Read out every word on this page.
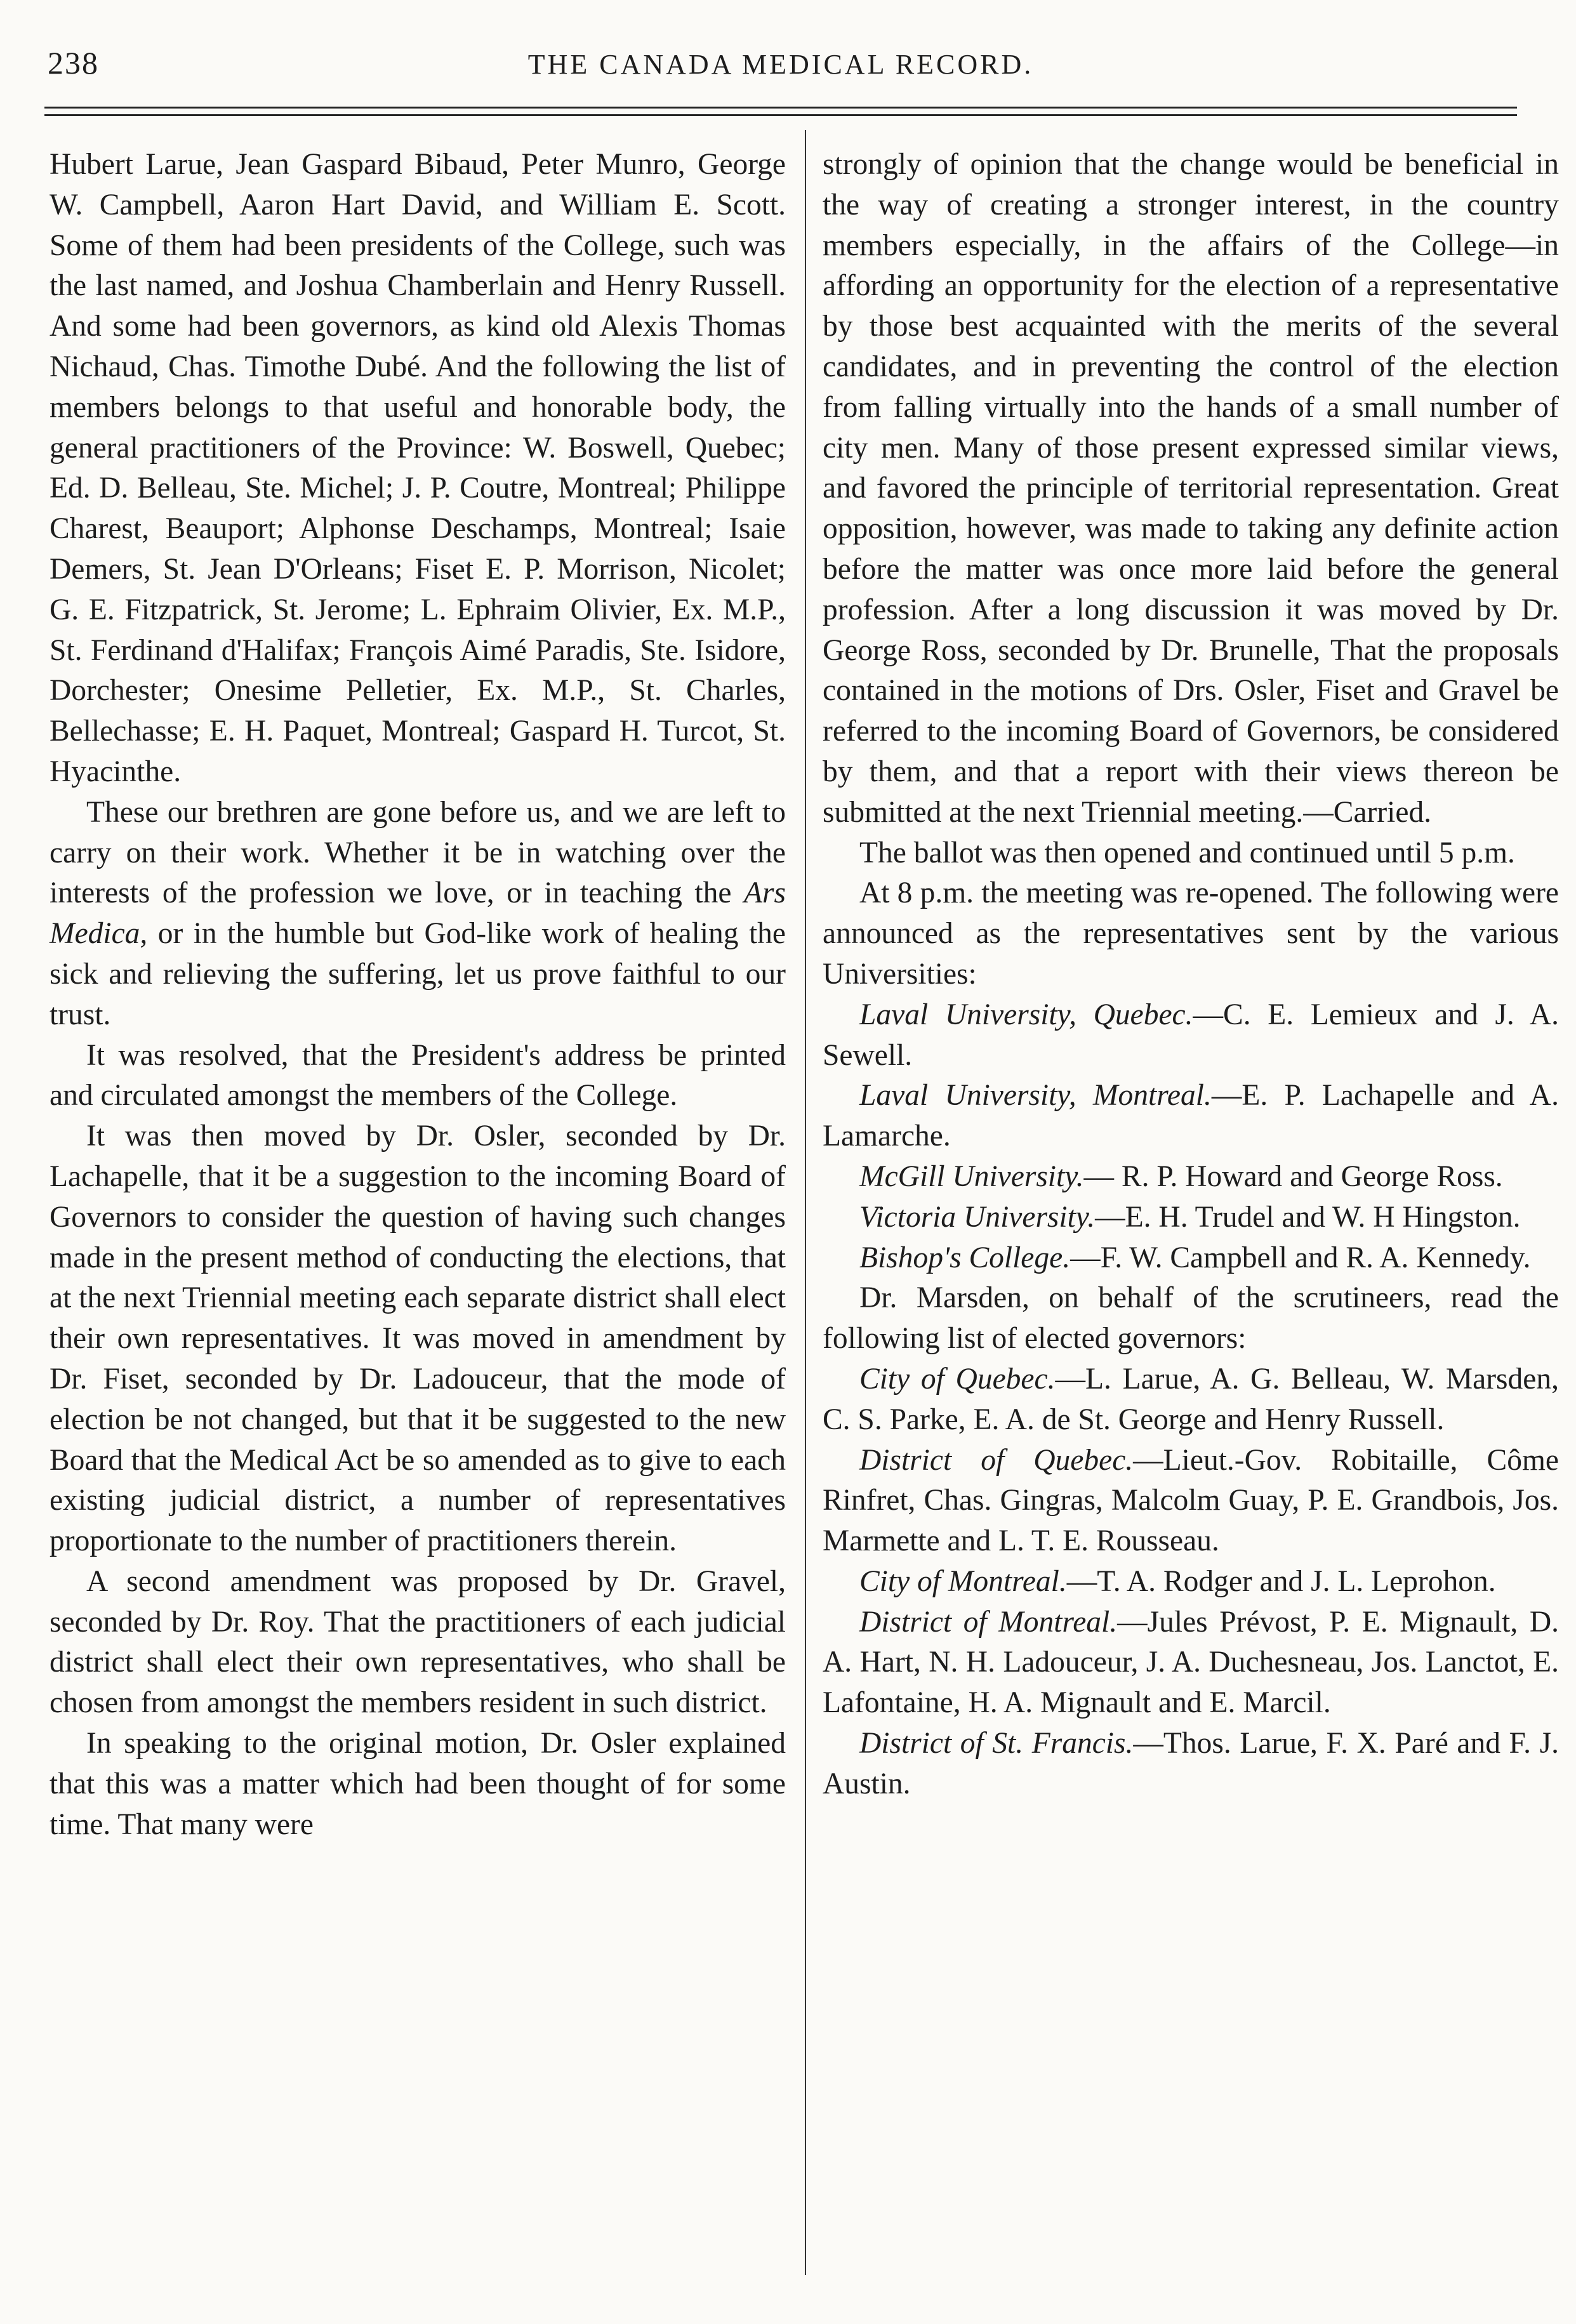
238	THE CANADA MEDICAL RECORD.

Hubert Larue, Jean Gaspard Bibaud, Peter Munro, George W. Campbell, Aaron Hart David, and William E. Scott. Some of them had been presidents of the College, such was the last named, and Joshua Chamberlain and Henry Russell. And some had been governors, as kind old Alexis Thomas Nichaud, Chas. Timothe Dubé. And the following the list of members belongs to that useful and honorable body, the general practitioners of the Province: W. Boswell, Quebec; Ed. D. Belleau, Ste. Michel; J. P. Coutre, Montreal; Philippe Charest, Beauport; Alphonse Deschamps, Montreal; Isaie Demers, St. Jean D'Orleans; Fiset E. P. Morrison, Nicolet; G. E. Fitzpatrick, St. Jerome; L. Ephraim Olivier, Ex. M.P., St. Ferdinand d'Halifax; François Aimé Paradis, Ste. Isidore, Dorchester; Onesime Pelletier, Ex. M.P., St. Charles, Bellechasse; E. H. Paquet, Montreal; Gaspard H. Turcot, St. Hyacinthe.

These our brethren are gone before us, and we are left to carry on their work. Whether it be in watching over the interests of the profession we love, or in teaching the Ars Medica, or in the humble but God-like work of healing the sick and relieving the suffering, let us prove faithful to our trust.

It was resolved, that the President's address be printed and circulated amongst the members of the College.

It was then moved by Dr. Osler, seconded by Dr. Lachapelle, that it be a suggestion to the incoming Board of Governors to consider the question of having such changes made in the present method of conducting the elections, that at the next Triennial meeting each separate district shall elect their own representatives. It was moved in amendment by Dr. Fiset, seconded by Dr. Ladouceur, that the mode of election be not changed, but that it be suggested to the new Board that the Medical Act be so amended as to give to each existing judicial district, a number of representatives proportionate to the number of practitioners therein.

A second amendment was proposed by Dr. Gravel, seconded by Dr. Roy. That the practitioners of each judicial district shall elect their own representatives, who shall be chosen from amongst the members resident in such district.

In speaking to the original motion, Dr. Osler explained that this was a matter which had been thought of for some time. That many were

strongly of opinion that the change would be beneficial in the way of creating a stronger interest, in the country members especially, in the affairs of the College—in affording an opportunity for the election of a representative by those best acquainted with the merits of the several candidates, and in preventing the control of the election from falling virtually into the hands of a small number of city men. Many of those present expressed similar views, and favored the principle of territorial representation. Great opposition, however, was made to taking any definite action before the matter was once more laid before the general profession. After a long discussion it was moved by Dr. George Ross, seconded by Dr. Brunelle, That the proposals contained in the motions of Drs. Osler, Fiset and Gravel be referred to the incoming Board of Governors, be considered by them, and that a report with their views thereon be submitted at the next Triennial meeting.—Carried.

The ballot was then opened and continued until 5 p.m.

At 8 p.m. the meeting was re-opened. The following were announced as the representatives sent by the various Universities:

Laval University, Quebec.—C. E. Lemieux and J. A. Sewell.

Laval University, Montreal.—E. P. Lachapelle and A. Lamarche.

McGill University.— R. P. Howard and George Ross.

Victoria University.—E. H. Trudel and W. H Hingston.

Bishop's College.—F. W. Campbell and R. A. Kennedy.

Dr. Marsden, on behalf of the scrutineers, read the following list of elected governors:

City of Quebec.—L. Larue, A. G. Belleau, W. Marsden, C. S. Parke, E. A. de St. George and Henry Russell.

District of Quebec.—Lieut.-Gov. Robitaille, Côme Rinfret, Chas. Gingras, Malcolm Guay, P. E. Grandbois, Jos. Marmette and L. T. E. Rousseau.

City of Montreal.—T. A. Rodger and J. L. Leprohon.

District of Montreal.—Jules Prévost, P. E. Mignault, D. A. Hart, N. H. Ladouceur, J. A. Duchesneau, Jos. Lanctot, E. Lafontaine, H. A. Mignault and E. Marcil.

District of St. Francis.—Thos. Larue, F. X. Paré and F. J. Austin.
